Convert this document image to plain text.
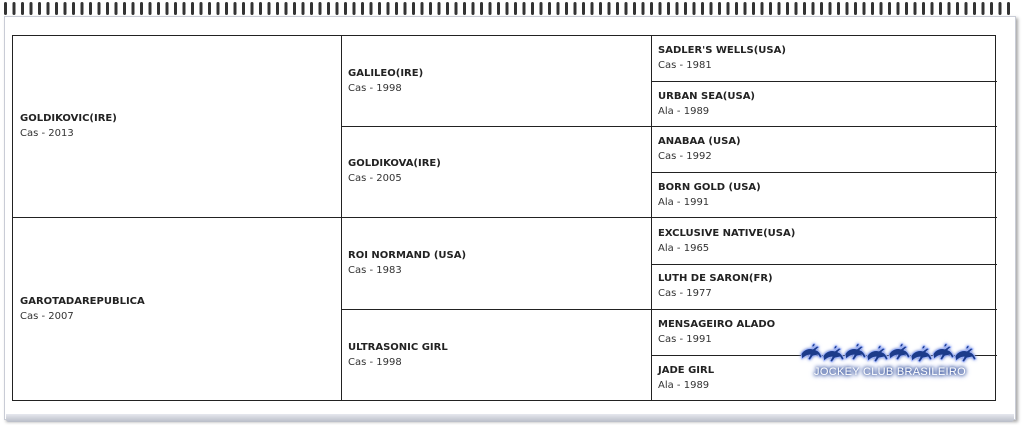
GOLDIKOVIC(IRE)
Cas - 2013
GAROTADAREPUBLICA
Cas - 2007
GALILEO(IRE)
Cas - 1998
GOLDIKOVA(IRE)
Cas - 2005
ROI NORMAND (USA)
Cas - 1983
ULTRASONIC GIRL
Cas - 1998
SADLER'S WELLS(USA)
Cas - 1981
URBAN SEA(USA)
Ala - 1989
ANABAA (USA)
Cas - 1992
BORN GOLD (USA)
Ala - 1991
EXCLUSIVE NATIVE(USA)
Ala - 1965
LUTH DE SARON(FR)
Cas - 1977
MENSAGEIRO ALADO
Cas - 1991
JADE GIRL
Ala - 1989
JOCKEY CLUB BRASILEIRO
